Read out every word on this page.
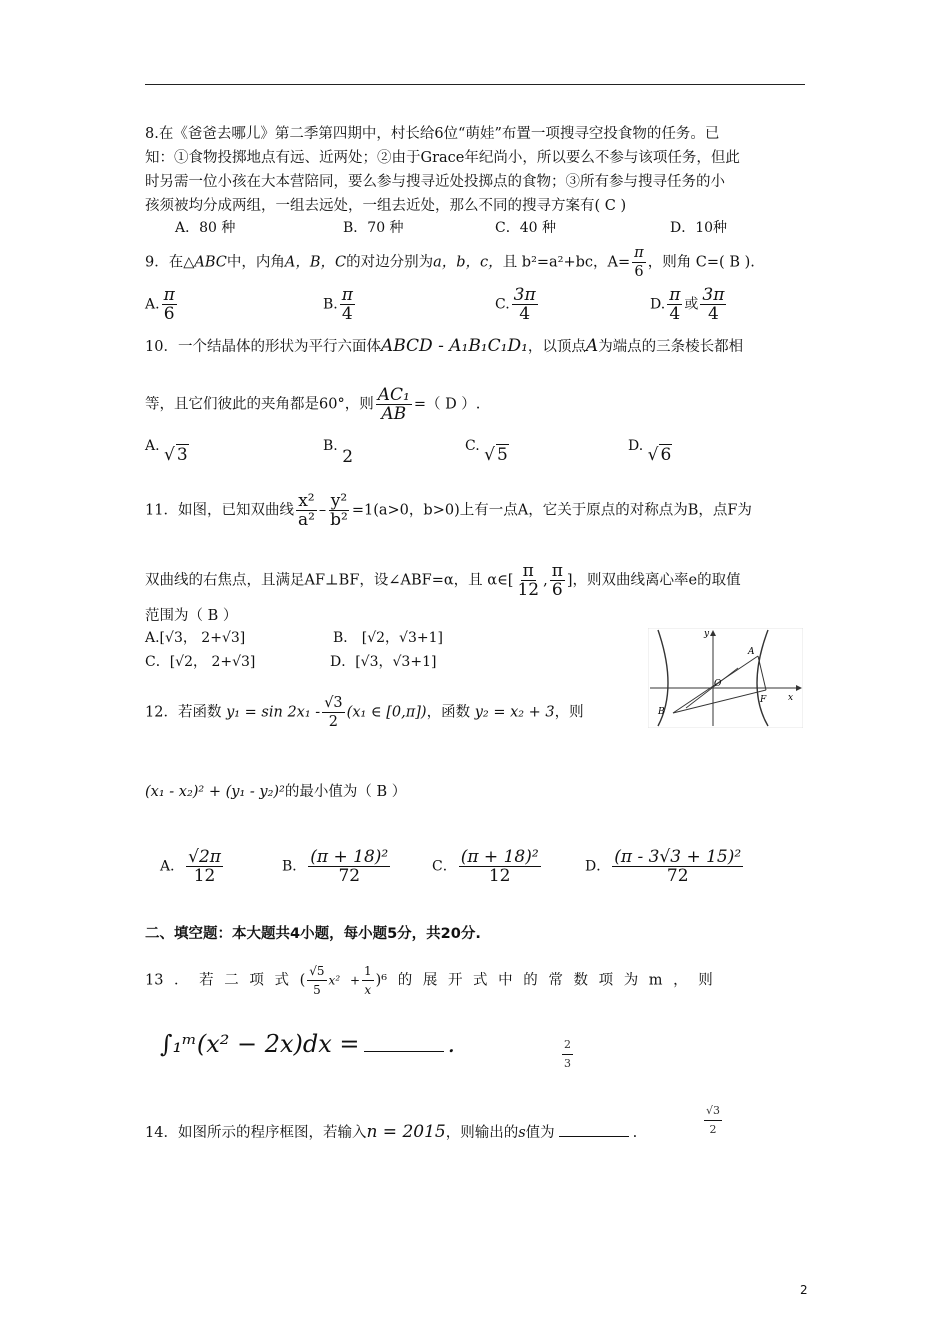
8.在《爸爸去哪儿》第二季第四期中，村长给6位“萌娃”布置一项搜寻空投食物的任务。已
知：①食物投掷地点有远、近两处；②由于Grace年纪尚小，所以要么不参与该项任务，但此
时另需一位小孩在大本营陪同，要么参与搜寻近处投掷点的食物；③所有参与搜寻任务的小
孩须被均分成两组，一组去远处，一组去近处，那么不同的搜寻方案有( C )
A．80 种	B．70 种	C．40 种	D．10种
9．在△ABC中，内角A，B，C的对边分别为a，b，c，且 b²=a²+bc，$A= \frac{\pi}{6}$ ，则角 C=( B ).
A. $\frac{\pi}{6}$	B. $\frac{\pi}{4}$	C. $\frac{3\pi}{4}$	D. $\frac{\pi}{4}$ 或 $\frac{3\pi}{4}$
10．一个结晶体的形状为平行六面体ABCD - A₁B₁C₁D₁，以顶点A为端点的三条棱长都相
等，且它们彼此的夹角都是60°，则 $\frac{\text{AC₁}}{AB}$ =（ D ）.
A. √ 3	B. 2
C. √ 5	D. √ 6
11．如图，已知双曲线 $\frac{\text{x²}}{\text{a²}} - \frac{\text{y²}}{\text{b²}} =1(a>0$，b>0)上有一点A，它关于原点的对称点为B，点F为
双曲线的右焦点，且满足AF⊥BF，设∠ABF=α，且 α∈[ $\frac{\pi}{12}$ , $\frac{\pi}{6}$ ]，则双曲线离心率e的取值
范围为（ B ）
A.[√3， 2+√3]	B． [√2，√3+1]
C．[√2， 2+√3]	D．[√3，√3+1]
y
A
O
F
B
x
12．若函数 $y_1 = \sin 2x_1 - \frac{√3}{2} (x_1$ ∈ [0,π])，函数 y₂ = x₂ + 3，则
(x₁ - x₂)² + (y₁ - y₂)²的最小值为（ B ）
A． $\frac{√2\pi}{12}$	B． $\frac{\text{(π + 18)²}}{72}$	C． $\frac{\text{(π + 18)²}}{12}$	D． $\frac{\text{(π - 3√3 + 15)²}}{72}$
二、填空题：本大题共4小题，每小题5分，共20分.
13 ． 若 二 项 式 ( $\frac{√5}{5} x^2 + \frac{1}{x} )^6$ 的 展 开 式 中 的 常 数 项 为 m ， 则
∫₁ᵐ(x² − 2x)dx =	.	$\frac{2}{3}$
14．如图所示的程序框图，若输入n = 2015，则输出的s值为	.	$\frac{√3}{2}$
2
